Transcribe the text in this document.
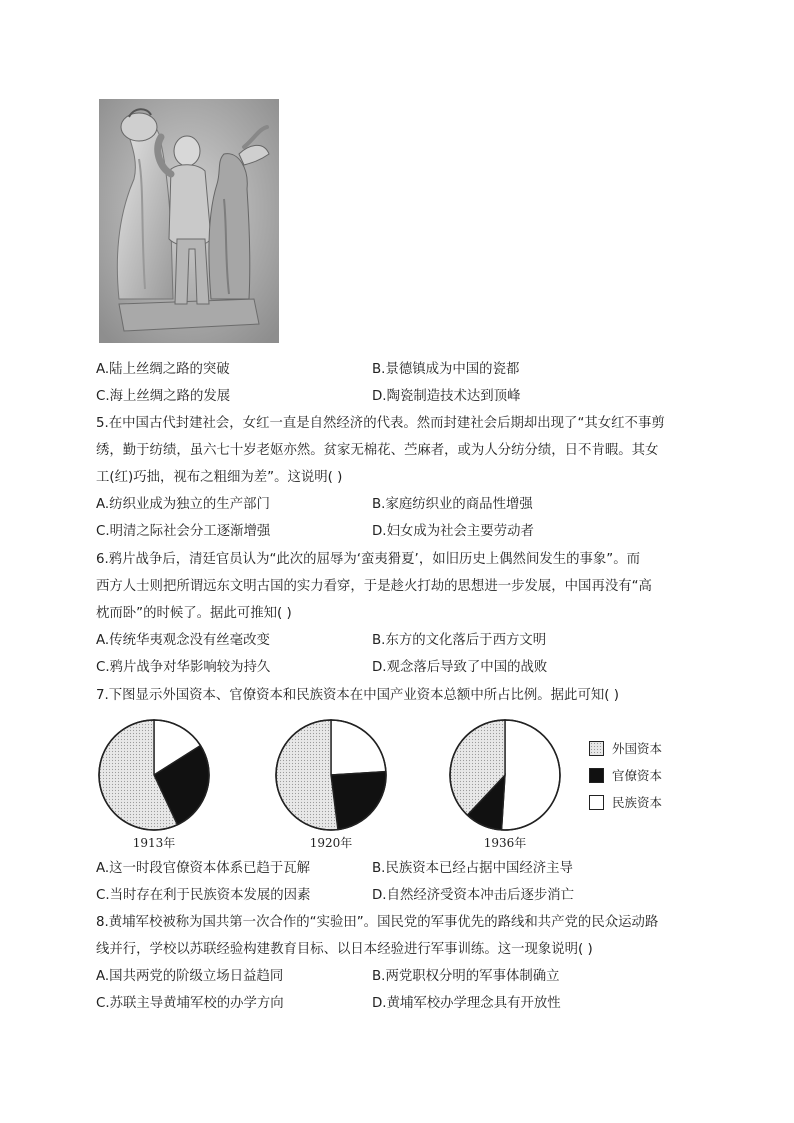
A.陆上丝绸之路的突破	B.景德镇成为中国的瓷都
C.海上丝绸之路的发展	D.陶瓷制造技术达到顶峰
5.在中国古代封建社会，女红一直是自然经济的代表。然而封建社会后期却出现了“其女红不事剪
绣，勤于纺绩，虽六七十岁老妪亦然。贫家无棉花、苎麻者，或为人分纺分绩，日不肯暇。其女
工(红)巧拙，视布之粗细为差”。这说明( )
A.纺织业成为独立的生产部门	B.家庭纺织业的商品性增强
C.明清之际社会分工逐渐增强	D.妇女成为社会主要劳动者
6.鸦片战争后，清廷官员认为“此次的屈辱为‘蛮夷猾夏’，如旧历史上偶然间发生的事象”。而
西方人士则把所谓远东文明古国的实力看穿，于是趁火打劫的思想进一步发展，中国再没有“高
枕而卧”的时候了。据此可推知( )
A.传统华夷观念没有丝毫改变	B.东方的文化落后于西方文明
C.鸦片战争对华影响较为持久	D.观念落后导致了中国的战败
7.下图显示外国资本、官僚资本和民族资本在中国产业资本总额中所占比例。据此可知( )
1913年	1920年	1936年
外国资本
官僚资本
民族资本
A.这一时段官僚资本体系已趋于瓦解	B.民族资本已经占据中国经济主导
C.当时存在利于民族资本发展的因素	D.自然经济受资本冲击后逐步消亡
8.黄埔军校被称为国共第一次合作的“实验田”。国民党的军事优先的路线和共产党的民众运动路
线并行，学校以苏联经验构建教育目标、以日本经验进行军事训练。这一现象说明( )
A.国共两党的阶级立场日益趋同	B.两党职权分明的军事体制确立
C.苏联主导黄埔军校的办学方向	D.黄埔军校办学理念具有开放性
